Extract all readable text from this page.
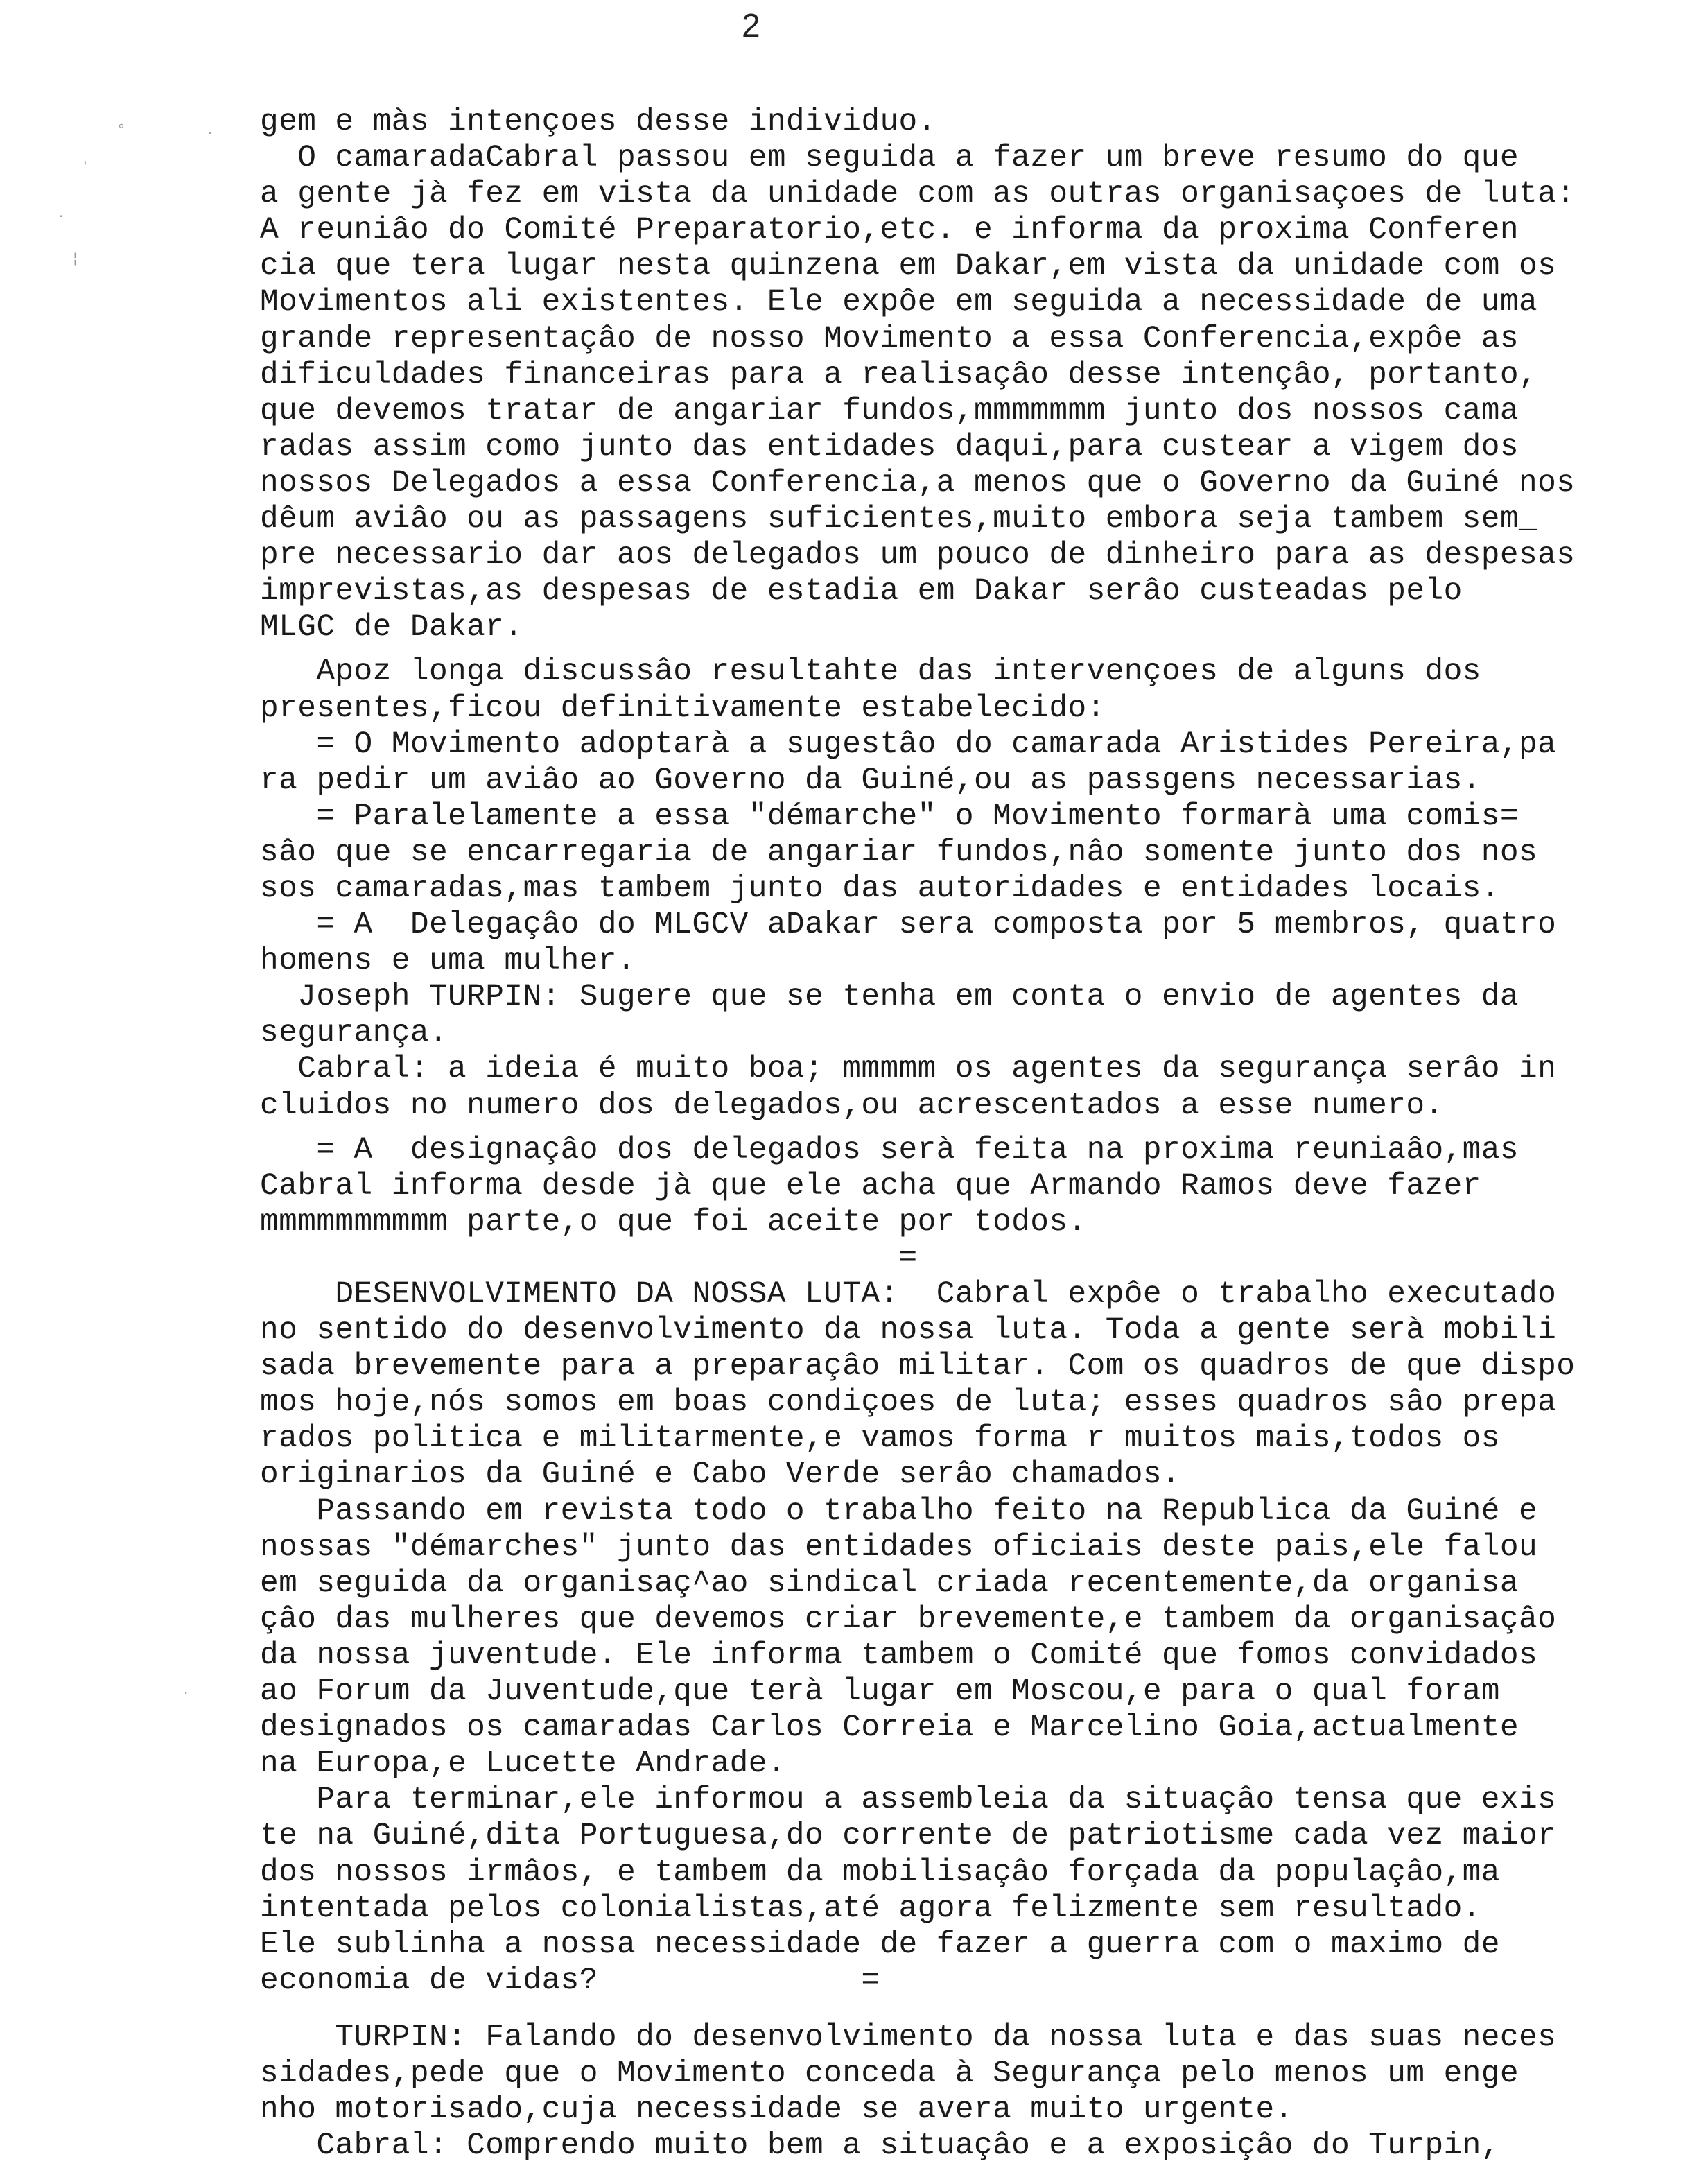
2
°	·
'
·
¦
·
gem e màs intençoes desse individuo.
O camaradaCabral passou em seguida a fazer um breve resumo do que
a gente jà fez em vista da unidade com as outras organisaçoes de luta:
A reuniâo do Comité Preparatorio,etc. e informa da proxima Conferen
cia que tera lugar nesta quinzena em Dakar,em vista da unidade com os
Movimentos ali existentes. Ele expôe em seguida a necessidade de uma
grande representaçâo de nosso Movimento a essa Conferencia,expôe as
dificuldades financeiras para a realisaçâo desse intençâo, portanto,
que devemos tratar de angariar fundos,mmmmmmm junto dos nossos cama
radas assim como junto das entidades daqui,para custear a vigem dos
nossos Delegados a essa Conferencia,a menos que o Governo da Guiné nos
dêum aviâo ou as passagens suficientes,muito embora seja tambem sem_
pre necessario dar aos delegados um pouco de dinheiro para as despesas
imprevistas,as despesas de estadia em Dakar serâo custeadas pelo
MLGC de Dakar.
Apoz longa discussâo resultahte das intervençoes de alguns dos
presentes,ficou definitivamente estabelecido:
= O Movimento adoptarà a sugestâo do camarada Aristides Pereira,pa
ra pedir um aviâo ao Governo da Guiné,ou as passgens necessarias.
= Paralelamente a essa "démarche" o Movimento formarà uma comis=
sâo que se encarregaria de angariar fundos,nâo somente junto dos nos
sos camaradas,mas tambem junto das autoridades e entidades locais.
= A  Delegaçâo do MLGCV aDakar sera composta por 5 membros, quatro
homens e uma mulher.
Joseph TURPIN: Sugere que se tenha em conta o envio de agentes da
segurança.
Cabral: a ideia é muito boa; mmmmm os agentes da segurança serâo in
cluidos no numero dos delegados,ou acrescentados a esse numero.
= A  designaçâo dos delegados serà feita na proxima reuniaâo,mas
Cabral informa desde jà que ele acha que Armando Ramos deve fazer
mmmmmmmmmm parte,o que foi aceite por todos.
=
DESENVOLVIMENTO DA NOSSA LUTA:  Cabral expôe o trabalho executado
no sentido do desenvolvimento da nossa luta. Toda a gente serà mobili
sada brevemente para a preparaçâo militar. Com os quadros de que dispo
mos hoje,nós somos em boas condiçoes de luta; esses quadros sâo prepa
rados politica e militarmente,e vamos forma r muitos mais,todos os
originarios da Guiné e Cabo Verde serâo chamados.
Passando em revista todo o trabalho feito na Republica da Guiné e
nossas "démarches" junto das entidades oficiais deste pais,ele falou
em seguida da organisaç^ao sindical criada recentemente,da organisa
çâo das mulheres que devemos criar brevemente,e tambem da organisaçâo
da nossa juventude. Ele informa tambem o Comité que fomos convidados
ao Forum da Juventude,que terà lugar em Moscou,e para o qual foram
designados os camaradas Carlos Correia e Marcelino Goia,actualmente
na Europa,e Lucette Andrade.
Para terminar,ele informou a assembleia da situaçâo tensa que exis
te na Guiné,dita Portuguesa,do corrente de patriotisme cada vez maior
dos nossos irmâos, e tambem da mobilisaçâo forçada da populaçâo,ma
intentada pelos colonialistas,até agora felizmente sem resultado.
Ele sublinha a nossa necessidade de fazer a guerra com o maximo de
economia de vidas?              =
TURPIN: Falando do desenvolvimento da nossa luta e das suas neces
sidades,pede que o Movimento conceda à Segurança pelo menos um enge
nho motorisado,cuja necessidade se avera muito urgente.
Cabral: Comprendo muito bem a situaçâo e a exposiçâo do Turpin,
